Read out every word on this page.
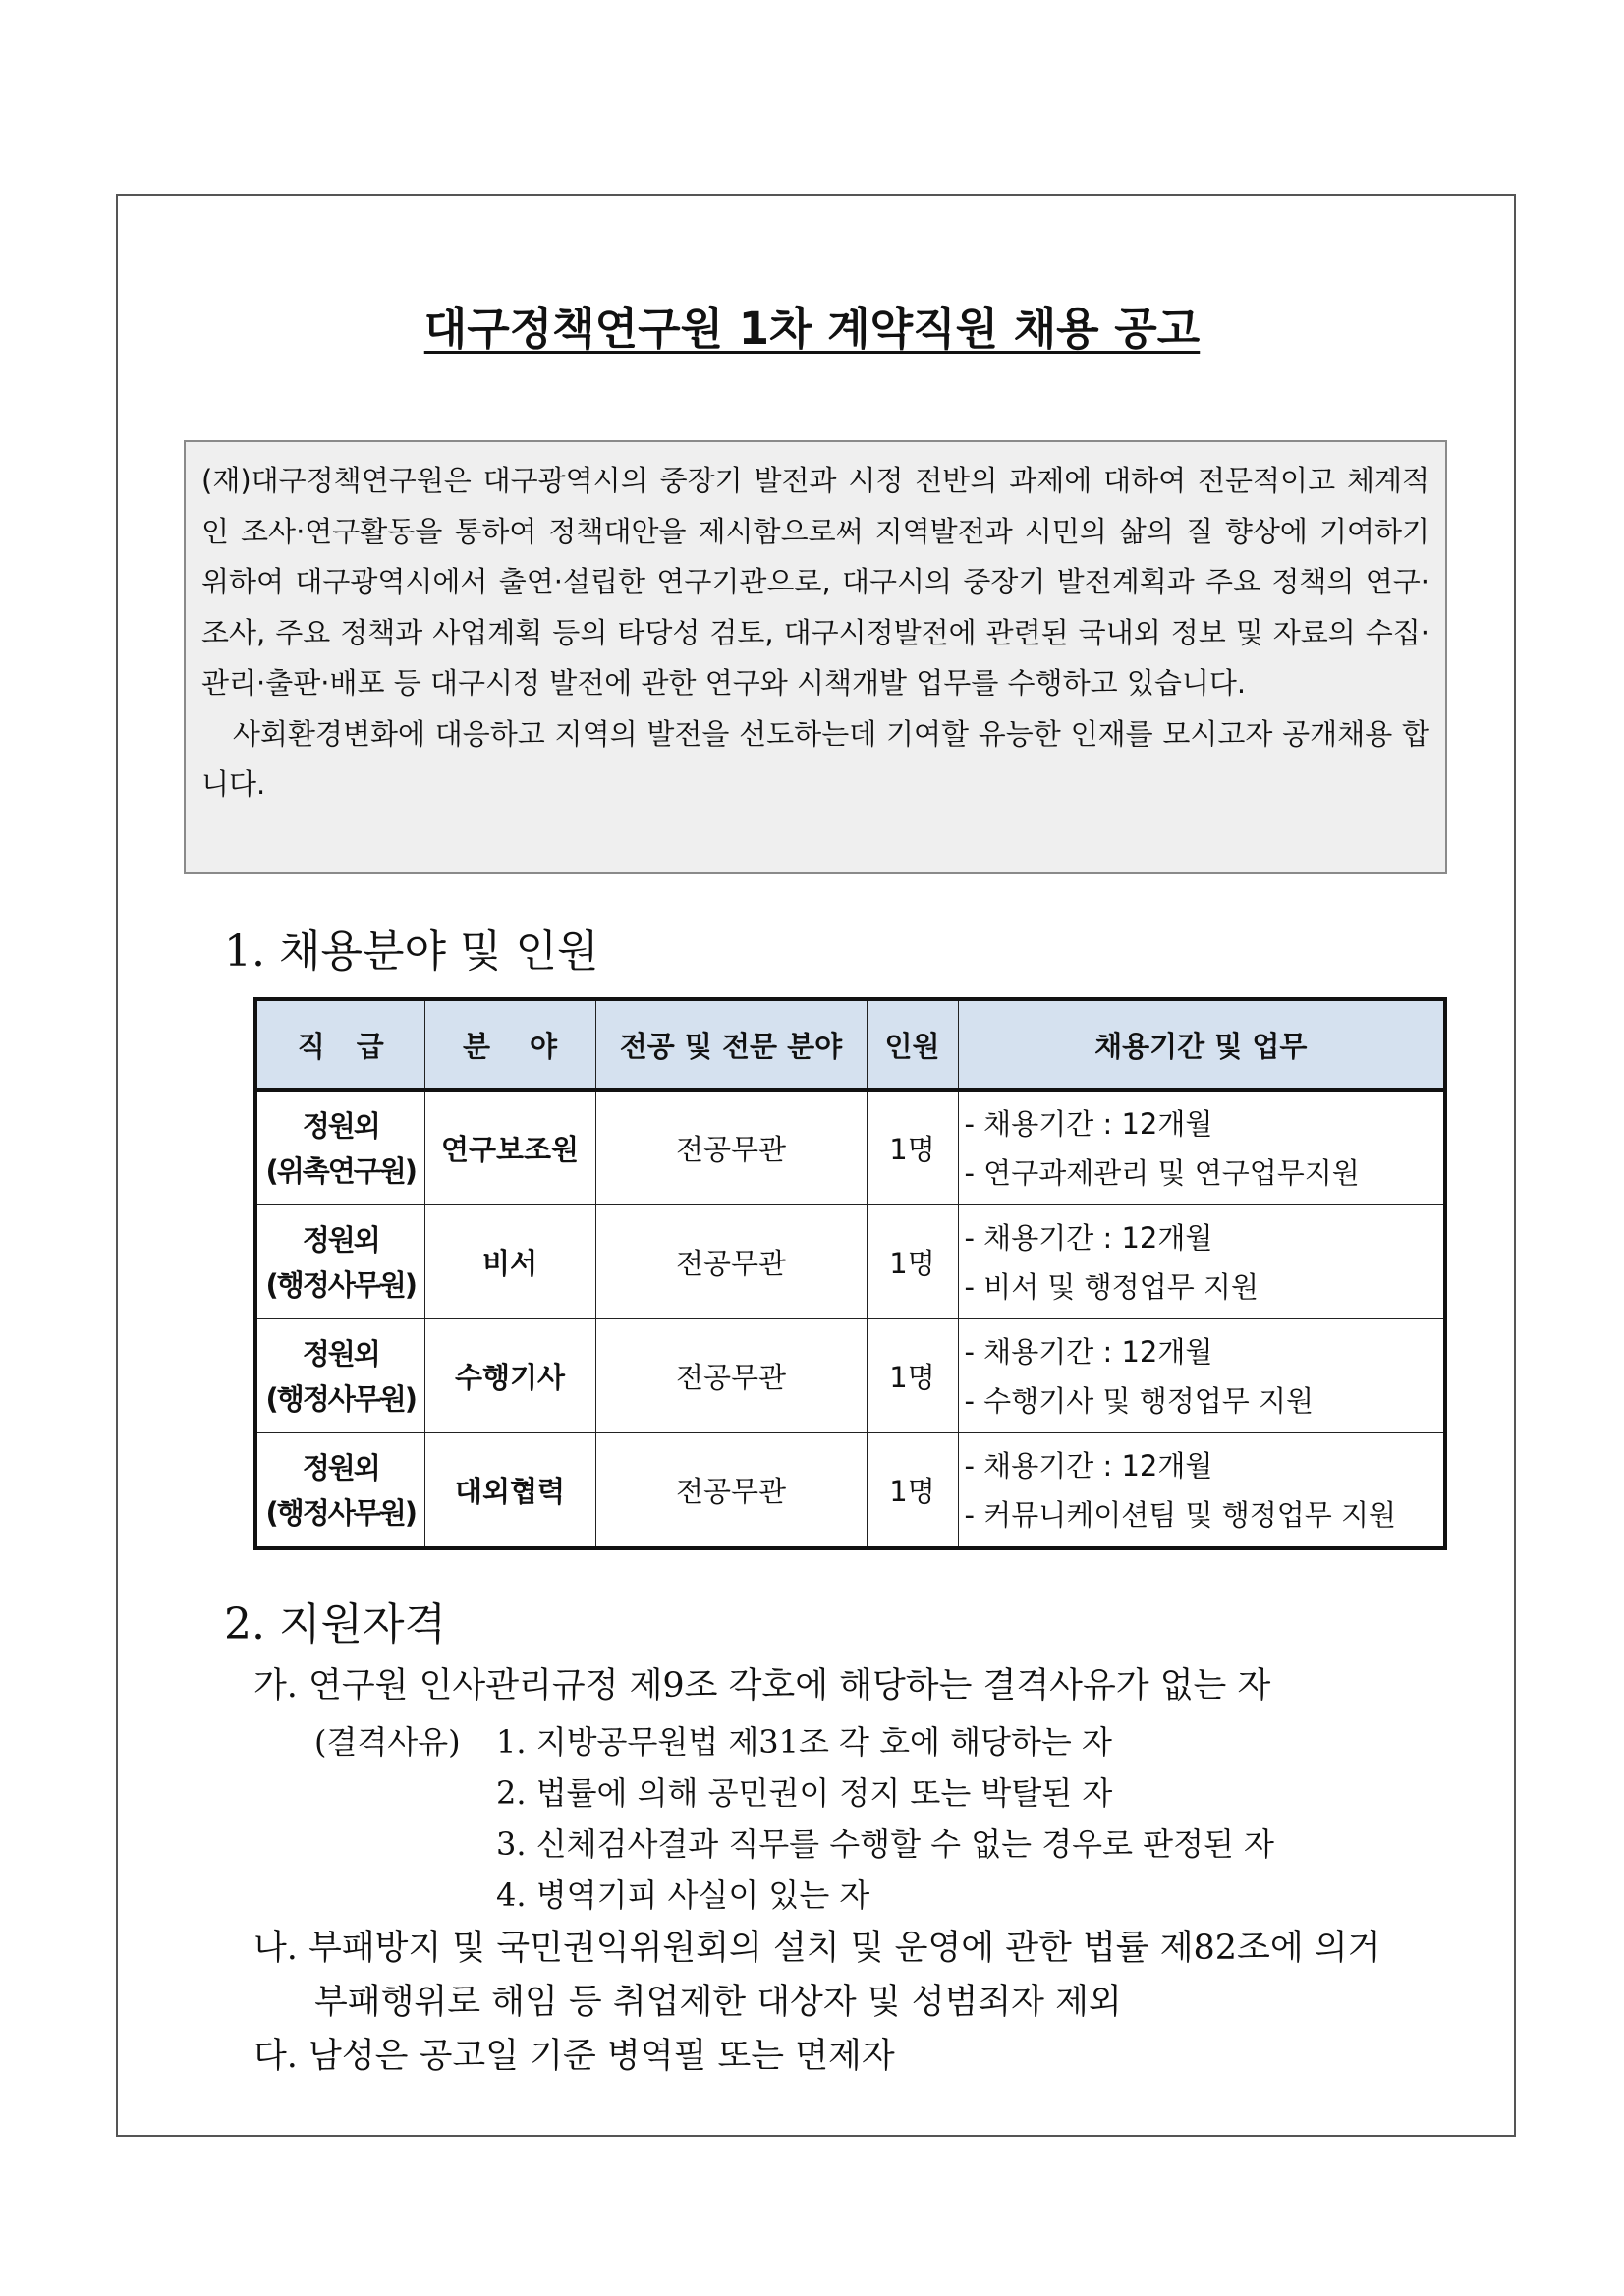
대구정책연구원 1차 계약직원 채용 공고

(재)대구정책연구원은 대구광역시의 중장기 발전과 시정 전반의 과제에 대하여 전문적이고 체계적인 조사·연구활동을 통하여 정책대안을 제시함으로써 지역발전과 시민의 삶의 질 향상에 기여하기 위하여 대구광역시에서 출연·설립한 연구기관으로, 대구시의 중장기 발전계획과 주요 정책의 연구·조사, 주요 정책과 사업계획 등의 타당성 검토, 대구시정발전에 관련된 국내외 정보 및 자료의 수집·관리·출판·배포 등 대구시정 발전에 관한 연구와 시책개발 업무를 수행하고 있습니다.

사회환경변화에 대응하고 지역의 발전을 선도하는데 기여할 유능한 인재를 모시고자 공개채용 합니다.

1. 채용분야 및 인원
직 급	분 야	전공 및 전문 분야	인원	채용기간 및 업무
정원외
(위촉연구원)	연구보조원	전공무관	1명	- 채용기간 : 12개월
- 연구과제관리 및 연구업무지원
정원외
(행정사무원)	비서	전공무관	1명	- 채용기간 : 12개월
- 비서 및 행정업무 지원
정원외
(행정사무원)	수행기사	전공무관	1명	- 채용기간 : 12개월
- 수행기사 및 행정업무 지원
정원외
(행정사무원)	대외협력	전공무관	1명	- 채용기간 : 12개월
- 커뮤니케이션팀 및 행정업무 지원
2. 지원자격
가. 연구원 인사관리규정 제9조 각호에 해당하는 결격사유가 없는 자
(결격사유) 1. 지방공무원법 제31조 각 호에 해당하는 자
2. 법률에 의해 공민권이 정지 또는 박탈된 자
3. 신체검사결과 직무를 수행할 수 없는 경우로 판정된 자
4. 병역기피 사실이 있는 자
나. 부패방지 및 국민권익위원회의 설치 및 운영에 관한 법률 제82조에 의거
부패행위로 해임 등 취업제한 대상자 및 성범죄자 제외
다. 남성은 공고일 기준 병역필 또는 면제자
